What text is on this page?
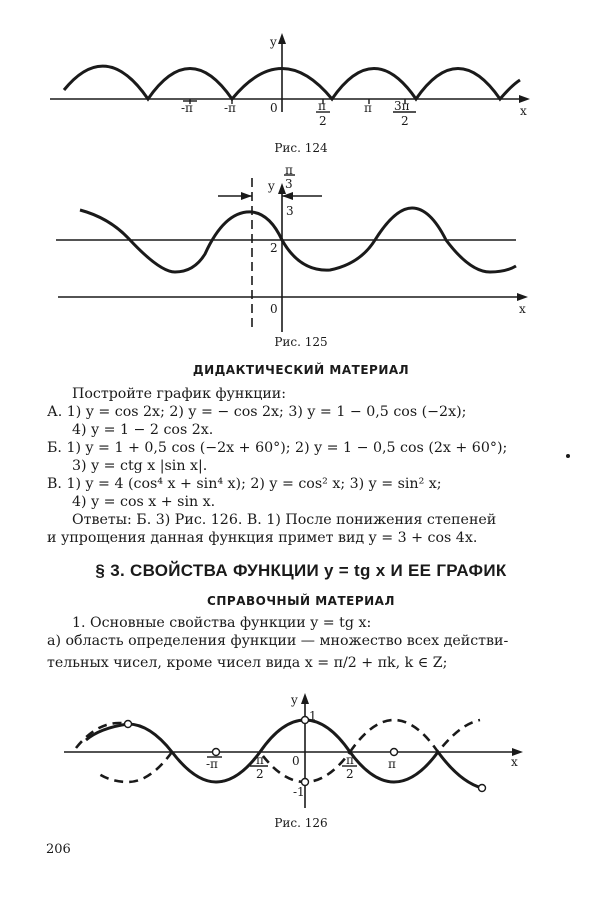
y
x
-π	-π	0	π
2
π 3π
2
Рис. 124
π
3
y
3
2
0	x
Рис. 125
ДИДАКТИЧЕСКИЙ МАТЕРИАЛ
Постройте график функции:
А. 1) y = cos 2x; 2) y = − cos 2x; 3) y = 1 − 0,5 cos (−2x);
4) y = 1 − 2 cos 2x.
Б. 1) y = 1 + 0,5 cos (−2x + 60°); 2) y = 1 − 0,5 cos (2x + 60°);
3) y = ctg x |sin x|.
В. 1) y = 4 (cos⁴ x + sin⁴ x); 2) y = cos² x; 3) y = sin² x;
4) y = cos x + sin x.
Ответы: Б. 3) Рис. 126. В. 1) После понижения степеней
и упрощения данная функция примет вид y = 3 + cos 4x.
§ 3. СВОЙСТВА ФУНКЦИИ y = tg x И ЕЕ ГРАФИК
СПРАВОЧНЫЙ МАТЕРИАЛ
1. Основные свойства функции y = tg x:
а) область определения функции — множество всех действи-
тельных чисел, кроме чисел вида x = π/2 + πk, k ∈ Z;
y
1
-1
0
-π	π
2
π
2
π	x
Рис. 126
206
